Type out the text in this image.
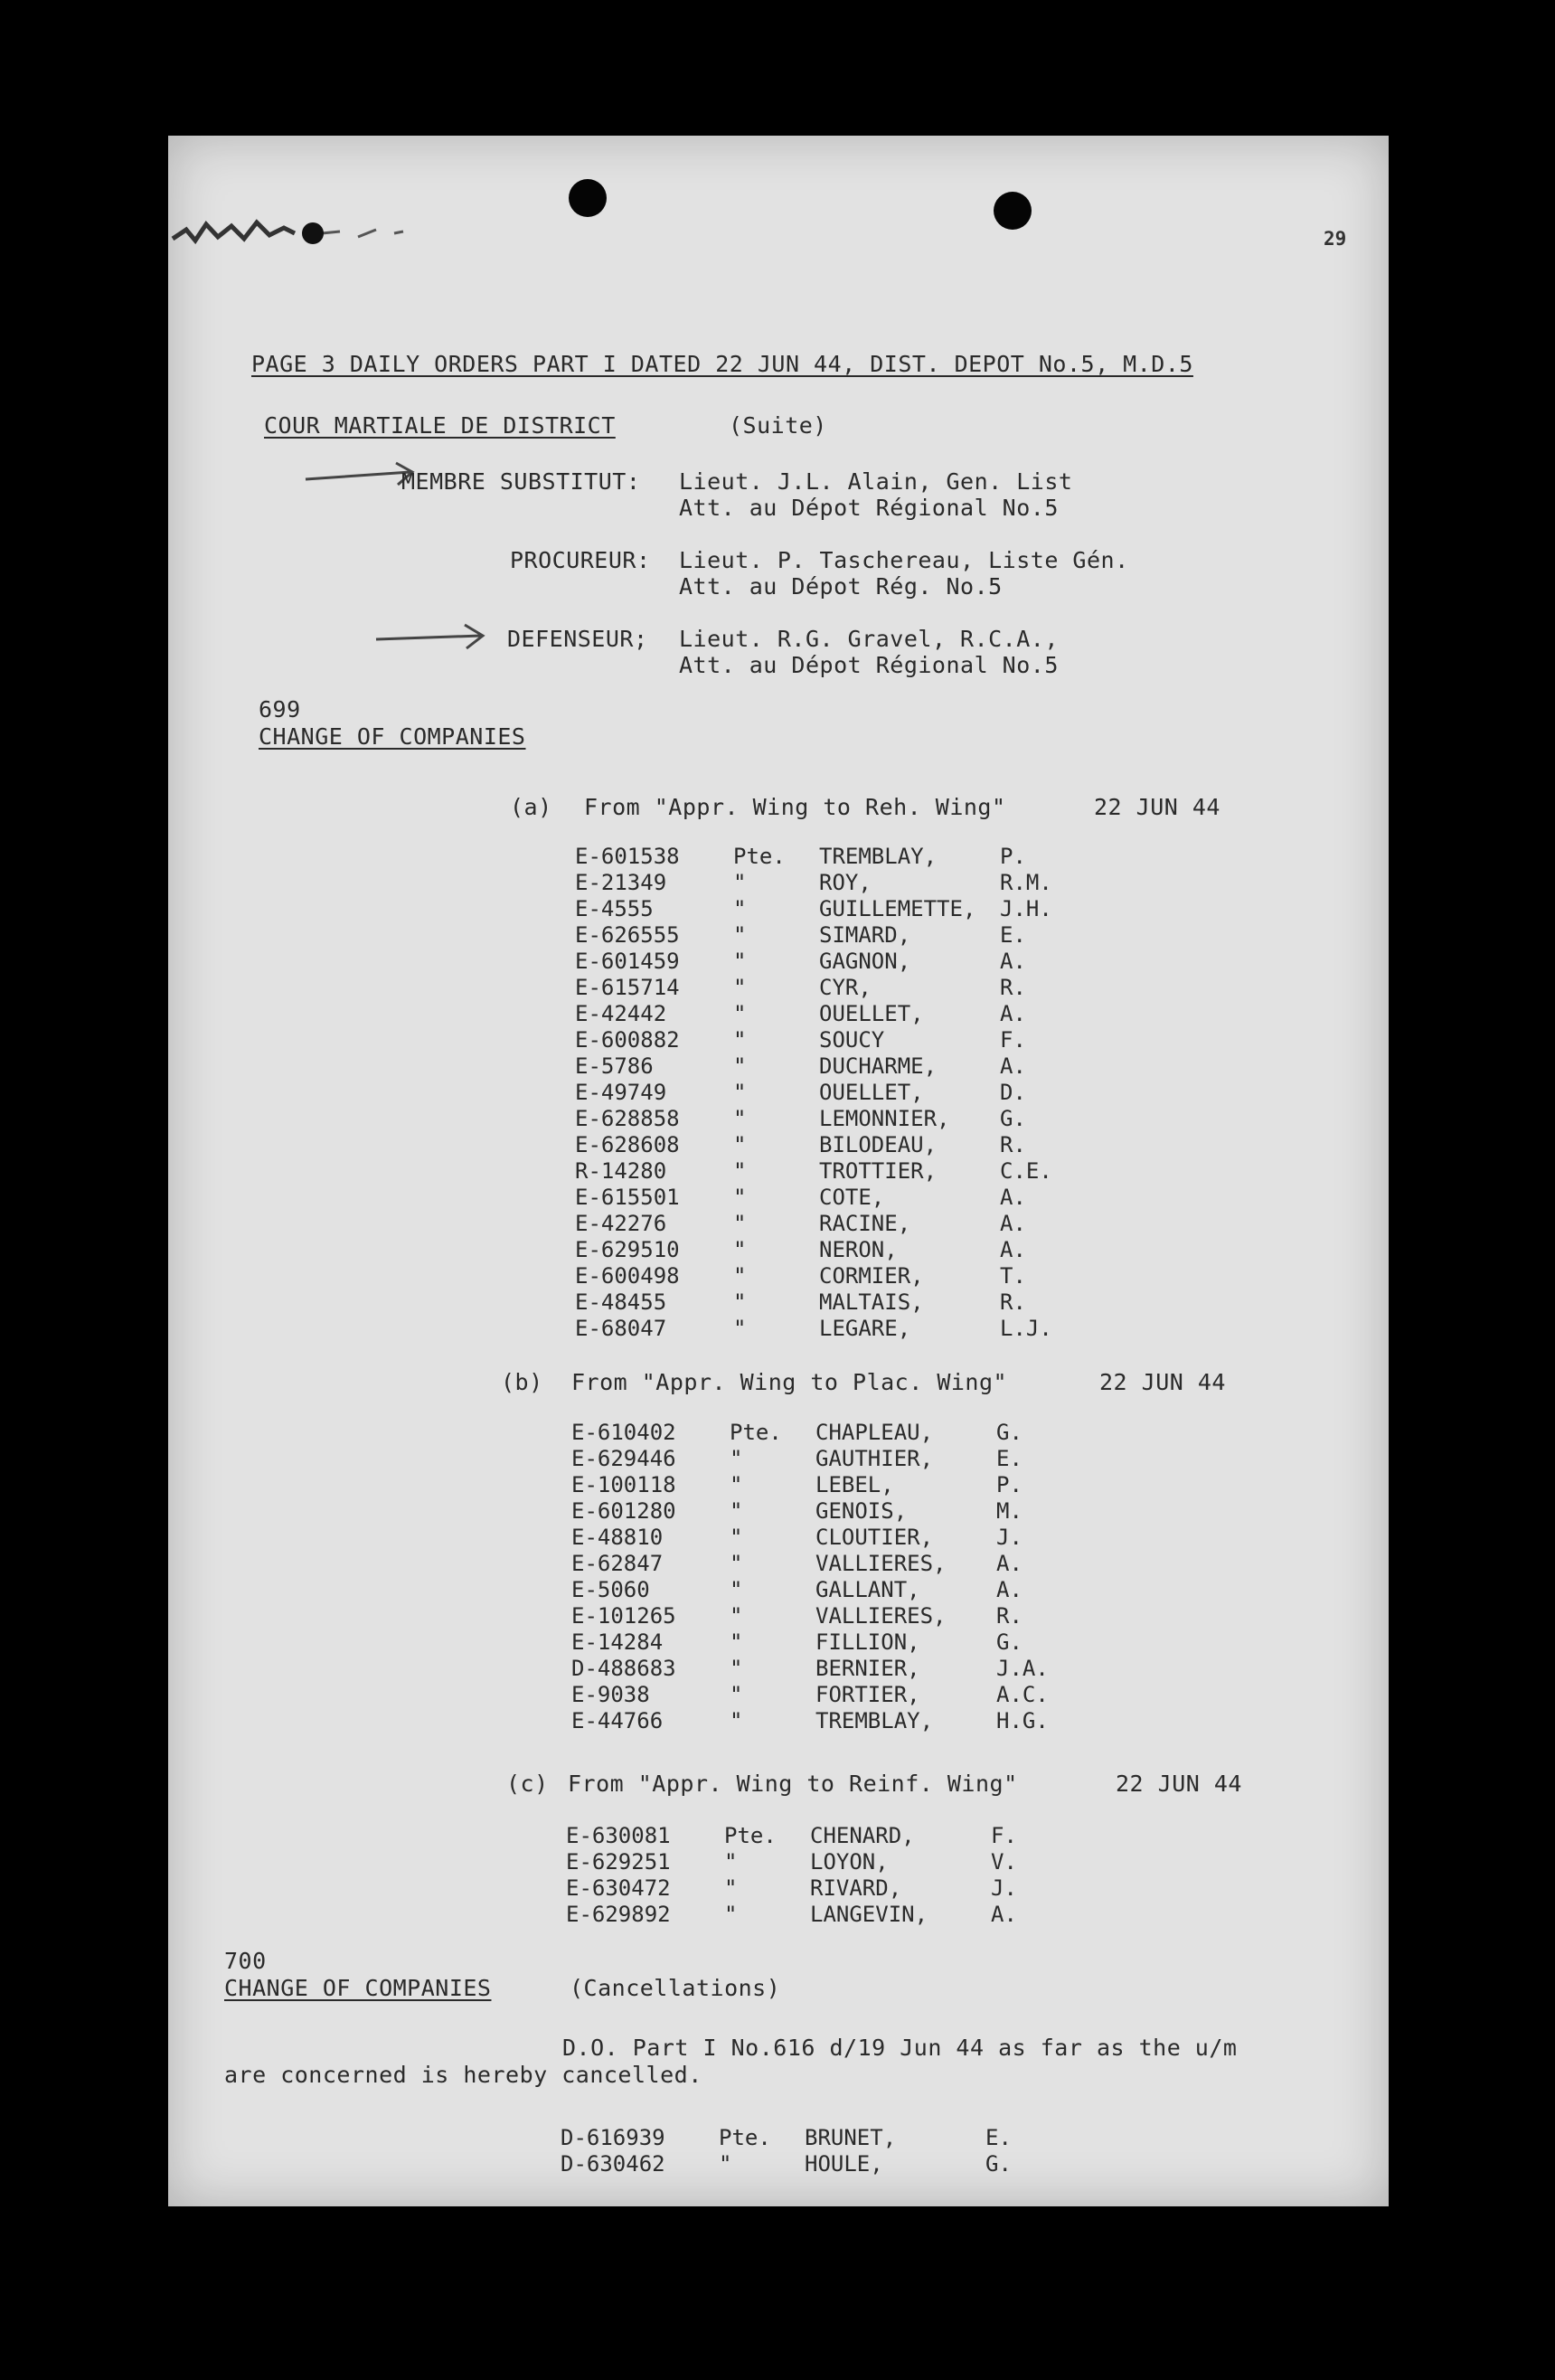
29
PAGE 3 DAILY ORDERS PART I DATED 22 JUN 44, DIST. DEPOT No.5, M.D.5
COUR MARTIALE DE DISTRICT	(Suite)
MEMBRE SUBSTITUT: Lieut. J.L. Alain, Gen. List
Att. au Dépot Régional No.5
PROCUREUR: Lieut. P. Taschereau, Liste Gén.
Att. au Dépot Rég. No.5
DEFENSEUR; Lieut. R.G. Gravel, R.C.A.,
Att. au Dépot Régional No.5
699
CHANGE OF COMPANIES
(a) From "Appr. Wing to Reh. Wing"	22 JUN 44
E-601538 Pte. TREMBLAY,	P.
E-21349	"	ROY,	R.M.
E-4555	"	GUILLEMETTE, J.H.
E-626555 "	SIMARD,	E.
E-601459 "	GAGNON,	A.
E-615714 "	CYR,	R.
E-42442	"	OUELLET,	A.
E-600882 "	SOUCY	F.
E-5786	"	DUCHARME,	A.
E-49749	"	OUELLET,	D.
E-628858 "	LEMONNIER, G.
E-628608 "	BILODEAU,	R.
R-14280	"	TROTTIER,	C.E.
E-615501 "	COTE,	A.
E-42276	"	RACINE,	A.
E-629510 "	NERON,	A.
E-600498 "	CORMIER,	T.
E-48455	"	MALTAIS,	R.
E-68047	"	LEGARE,	L.J.
(b) From "Appr. Wing to Plac. Wing"	22 JUN 44
E-610402 Pte. CHAPLEAU,	G.
E-629446 "	GAUTHIER,	E.
E-100118 "	LEBEL,	P.
E-601280 "	GENOIS,	M.
E-48810	"	CLOUTIER,	J.
E-62847	"	VALLIERES, A.
E-5060	"	GALLANT,	A.
E-101265 "	VALLIERES, R.
E-14284	"	FILLION,	G.
D-488683 "	BERNIER,	J.A.
E-9038	"	FORTIER,	A.C.
E-44766	"	TREMBLAY,	H.G.
(c) From "Appr. Wing to Reinf. Wing"	22 JUN 44
E-630081 Pte. CHENARD,	F.
E-629251 "	LOYON,	V.
E-630472 "	RIVARD,	J.
E-629892 "	LANGEVIN,	A.
700
CHANGE OF COMPANIES	(Cancellations)
D.O. Part I No.616 d/19 Jun 44 as far as the u/m
are concerned is hereby cancelled.
D-616939 Pte. BRUNET,	E.
D-630462 "	HOULE,	G.
